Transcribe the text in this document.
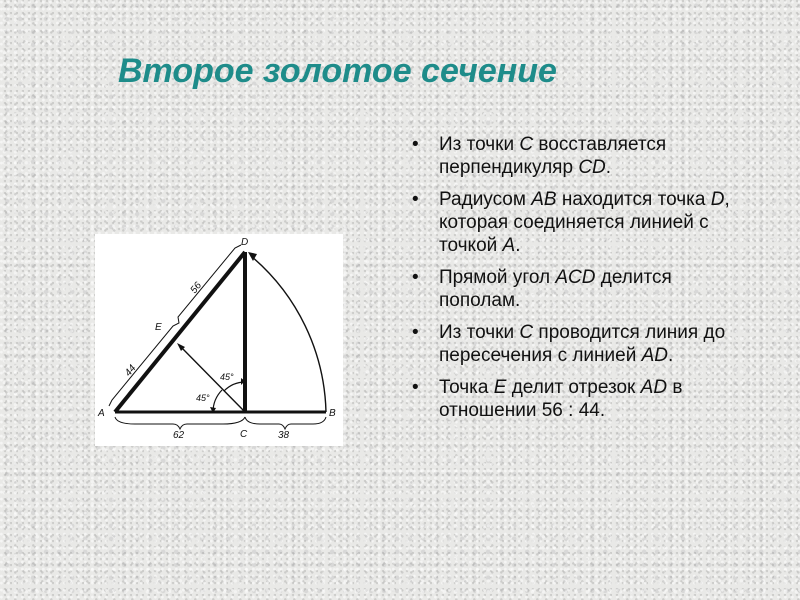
Второе золотое сечение
A	B
C
D
E
44
56
62	38
45°
45°
• Из точки C восставляется перпендикуляр CD.
• Радиусом AB находится точка D, которая соединяется линией с точкой A.
• Прямой угол ACD делится пополам.
• Из точки C проводится линия до пересечения с линией AD.
• Точка E делит отрезок AD в отношении 56 : 44.
